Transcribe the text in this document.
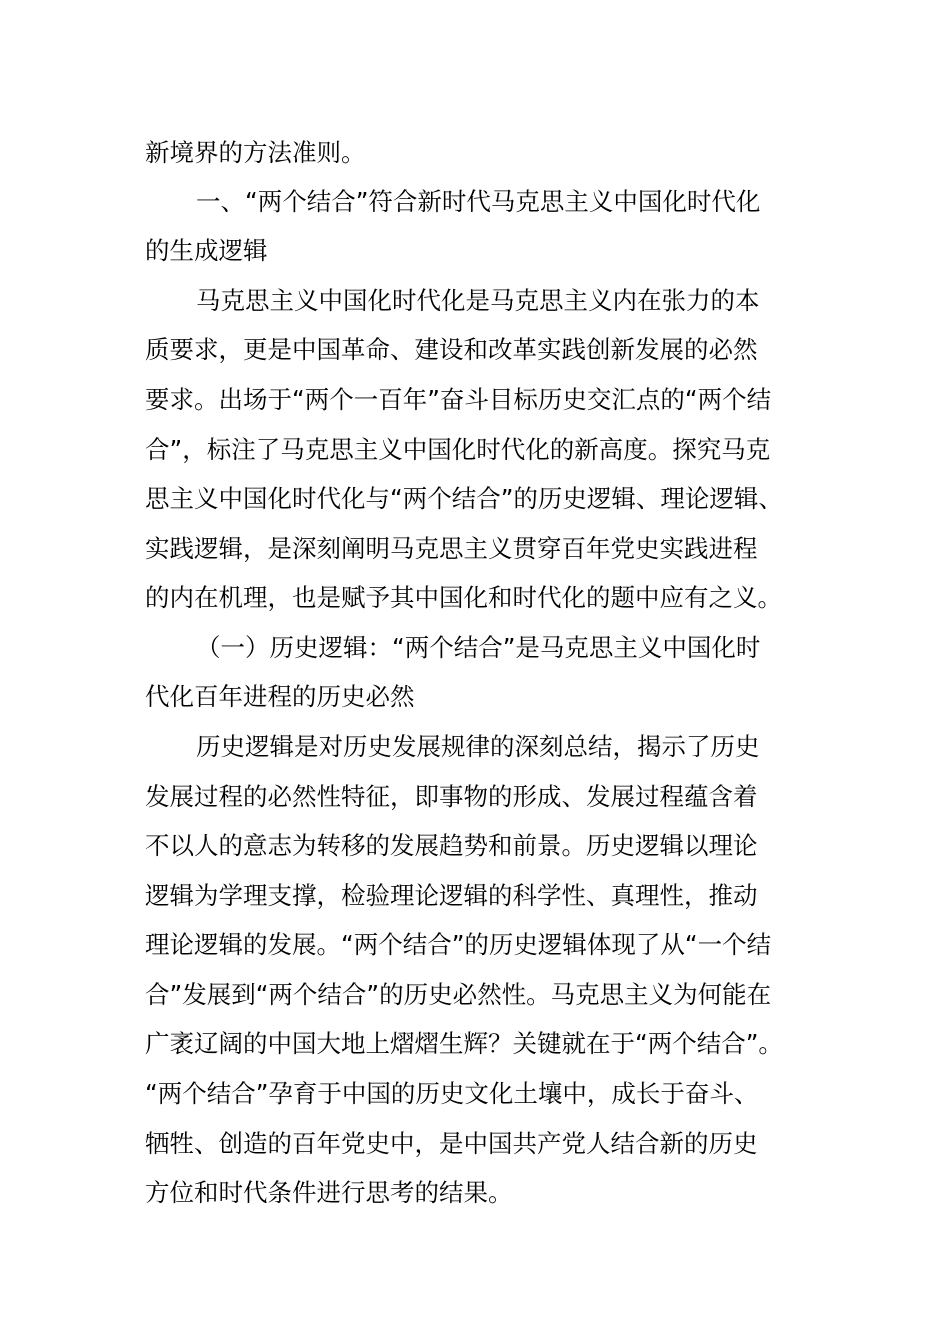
新境界的方法准则。
一、“两个结合”符合新时代马克思主义中国化时代化
的生成逻辑
马克思主义中国化时代化是马克思主义内在张力的本
质要求，更是中国革命、建设和改革实践创新发展的必然
要求。出场于“两个一百年”奋斗目标历史交汇点的“两个结
合”，标注了马克思主义中国化时代化的新高度。探究马克
思主义中国化时代化与“两个结合”的历史逻辑、理论逻辑、
实践逻辑，是深刻阐明马克思主义贯穿百年党史实践进程
的内在机理，也是赋予其中国化和时代化的题中应有之义。
（一）历史逻辑：“两个结合”是马克思主义中国化时
代化百年进程的历史必然
历史逻辑是对历史发展规律的深刻总结，揭示了历史
发展过程的必然性特征，即事物的形成、发展过程蕴含着
不以人的意志为转移的发展趋势和前景。历史逻辑以理论
逻辑为学理支撑，检验理论逻辑的科学性、真理性，推动
理论逻辑的发展。“两个结合”的历史逻辑体现了从“一个结
合”发展到“两个结合”的历史必然性。马克思主义为何能在
广袤辽阔的中国大地上熠熠生辉？关键就在于“两个结合”。
“两个结合”孕育于中国的历史文化土壤中，成长于奋斗、
牺牲、创造的百年党史中，是中国共产党人结合新的历史
方位和时代条件进行思考的结果。
